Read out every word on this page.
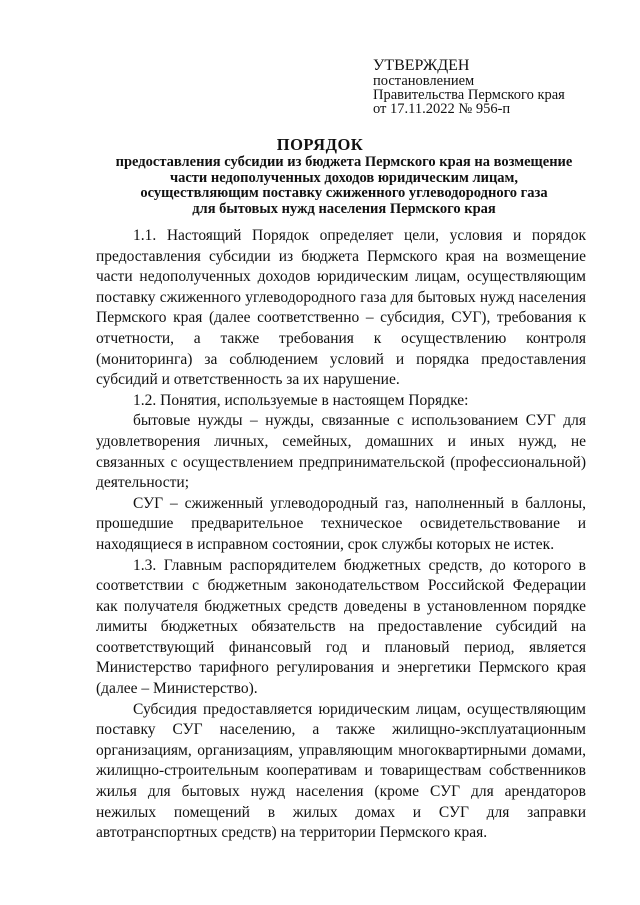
УТВЕРЖДЕН
постановлением
Правительства Пермского края
от 17.11.2022 № 956-п
ПОРЯДОК
предоставления субсидии из бюджета Пермского края на возмещение
части недополученных доходов юридическим лицам,
осуществляющим поставку сжиженного углеводородного газа
для бытовых нужд населения Пермского края

1.1. Настоящий Порядок определяет цели, условия и порядок предоставления субсидии из бюджета Пермского края на возмещение части недополученных доходов юридическим лицам, осуществляющим поставку сжиженного углеводородного газа для бытовых нужд населения Пермского края (далее соответственно – субсидия, СУГ), требования к отчетности, а также требования к осуществлению контроля (мониторинга) за соблюдением условий и порядка предоставления субсидий и ответственность за их нарушение.

1.2. Понятия, используемые в настоящем Порядке:

бытовые нужды – нужды, связанные с использованием СУГ для удовлетворения личных, семейных, домашних и иных нужд, не связанных с осуществлением предпринимательской (профессиональной) деятельности;

СУГ – сжиженный углеводородный газ, наполненный в баллоны, прошедшие предварительное техническое освидетельствование и находящиеся в исправном состоянии, срок службы которых не истек.

1.3. Главным распорядителем бюджетных средств, до которого в соответствии с бюджетным законодательством Российской Федерации как получателя бюджетных средств доведены в установленном порядке лимиты бюджетных обязательств на предоставление субсидий на соответствующий финансовый год и плановый период, является Министерство тарифного регулирования и энергетики Пермского края (далее – Министерство).

Субсидия предоставляется юридическим лицам, осуществляющим поставку СУГ населению, а также жилищно-эксплуатационным организациям, организациям, управляющим многоквартирными домами, жилищно-строительным кооперативам и товариществам собственников жилья для бытовых нужд населения (кроме СУГ для арендаторов нежилых помещений в жилых домах и СУГ для заправки автотранспортных средств) на территории Пермского края.
